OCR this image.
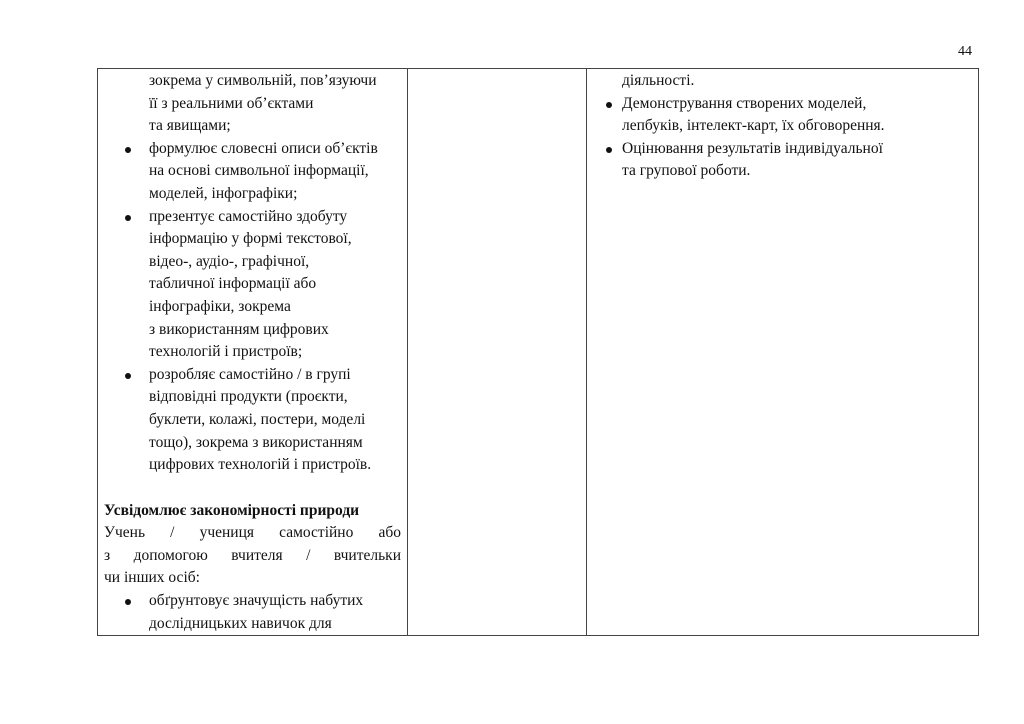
44
зокрема у символьній, пов’язуючи
її з реальними об’єктами
та явищами;
формулює словесні описи об’єктів
на основі символьної інформації,
моделей, інфографіки;
презентує самостійно здобуту
інформацію у формі текстової,
відео-, аудіо-, графічної,
табличної інформації або
інфографіки, зокрема
з використанням цифрових
технологій і пристроїв;
розробляє самостійно / в групі
відповідні продукти (проєкти,
буклети, колажі, постери, моделі
тощо), зокрема з використанням
цифрових технологій і пристроїв.
Усвідомлює закономірності природи
Учень / учениця самостійно або
з допомогою вчителя / вчительки
чи інших осіб:
обґрунтовує значущість набутих
дослідницьких навичок для
діяльності.
Демонстрування створених моделей,
лепбуків, інтелект-карт, їх обговорення.
Оцінювання результатів індивідуальної
та групової роботи.
